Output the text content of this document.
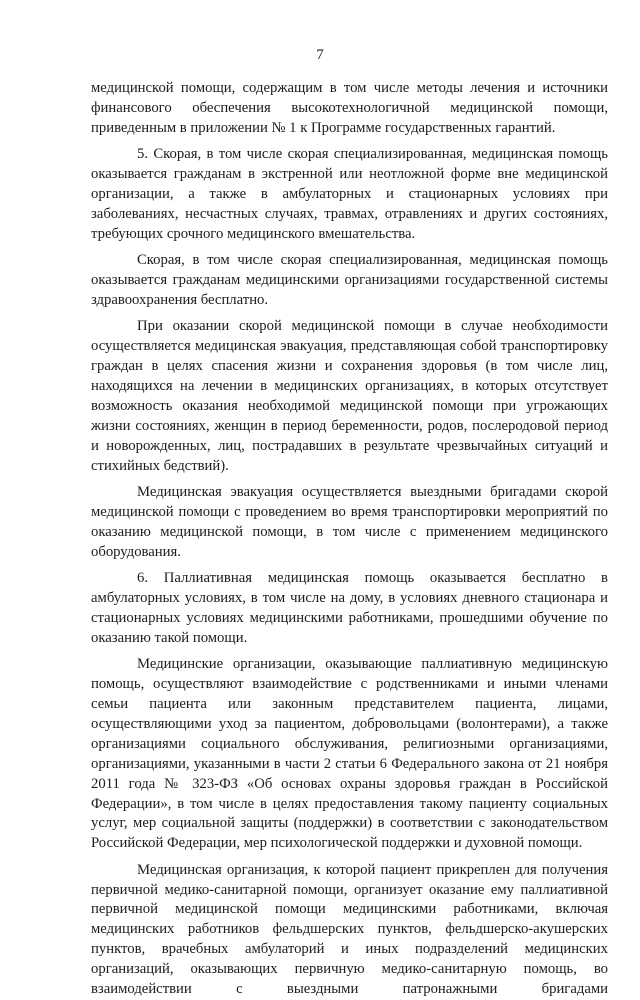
7

медицинской помощи, содержащим в том числе методы лечения и источники финансового обеспечения высокотехнологичной медицинской помощи, приведенным в приложении № 1 к Программе государственных гарантий.

5. Скорая, в том числе скорая специализированная, медицинская помощь оказывается гражданам в экстренной или неотложной форме вне медицинской организации, а также в амбулаторных и стационарных условиях при заболеваниях, несчастных случаях, травмах, отравлениях и других состояниях, требующих срочного медицинского вмешательства.

Скорая, в том числе скорая специализированная, медицинская помощь оказывается гражданам медицинскими организациями государственной системы здравоохранения бесплатно.

При оказании скорой медицинской помощи в случае необходимости осуществляется медицинская эвакуация, представляющая собой транспортировку граждан в целях спасения жизни и сохранения здоровья (в том числе лиц, находящихся на лечении в медицинских организациях, в которых отсутствует возможность оказания необходимой медицинской помощи при угрожающих жизни состояниях, женщин в период беременности, родов, послеродовой период и новорожденных, лиц, пострадавших в результате чрезвычайных ситуаций и стихийных бедствий).

Медицинская эвакуация осуществляется выездными бригадами скорой медицинской помощи с проведением во время транспортировки мероприятий по оказанию медицинской помощи, в том числе с применением медицинского оборудования.

6. Паллиативная медицинская помощь оказывается бесплатно в амбулаторных условиях, в том числе на дому, в условиях дневного стационара и стационарных условиях медицинскими работниками, прошедшими обучение по оказанию такой помощи.

Медицинские организации, оказывающие паллиативную медицинскую помощь, осуществляют взаимодействие с родственниками и иными членами семьи пациента или законным представителем пациента, лицами, осуществляющими уход за пациентом, добровольцами (волонтерами), а также организациями социального обслуживания, религиозными организациями, организациями, указанными в части 2 статьи 6 Федерального закона от 21 ноября 2011 года № 323-ФЗ «Об основах охраны здоровья граждан в Российской Федерации», в том числе в целях предоставления такому пациенту социальных услуг, мер социальной защиты (поддержки) в соответствии с законодательством Российской Федерации, мер психологической поддержки и духовной помощи.

Медицинская организация, к которой пациент прикреплен для получения первичной медико-санитарной помощи, организует оказание ему паллиативной первичной медицинской помощи медицинскими работниками, включая медицинских работников фельдшерских пунктов, фельдшерско-акушерских пунктов, врачебных амбулаторий и иных подразделений медицинских организаций, оказывающих первичную медико-санитарную помощь, во взаимодействии с выездными патронажными бригадами
